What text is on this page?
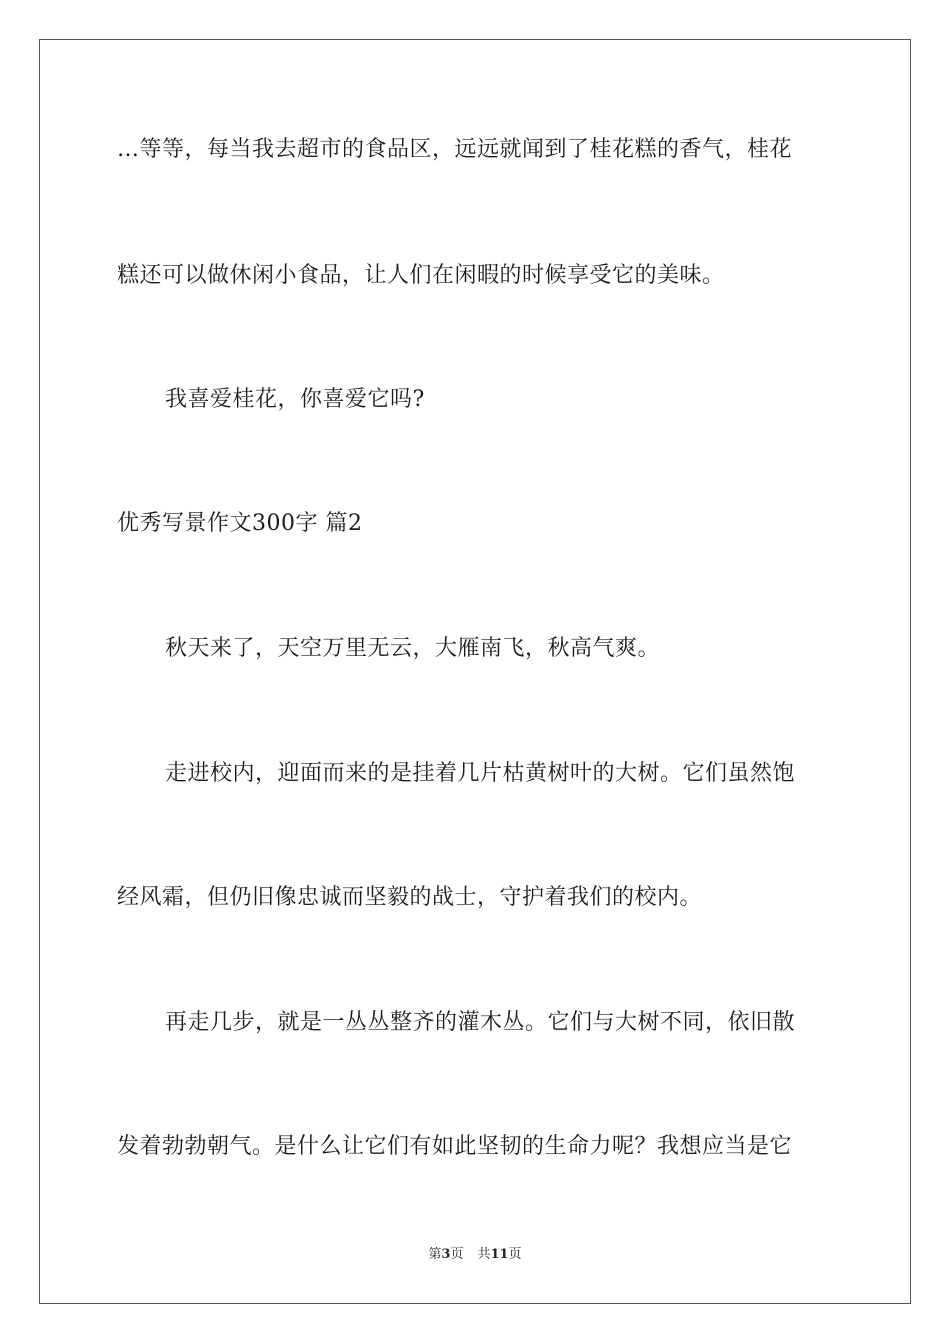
…等等，每当我去超市的食品区，远远就闻到了桂花糕的香气，桂花
糕还可以做休闲小食品，让人们在闲暇的时候享受它的美味。
我喜爱桂花，你喜爱它吗?
优秀写景作文300字 篇2
秋天来了，天空万里无云，大雁南飞，秋高气爽。
走进校内，迎面而来的是挂着几片枯黄树叶的大树。它们虽然饱
经风霜，但仍旧像忠诚而坚毅的战士，守护着我们的校内。
再走几步，就是一丛丛整齐的灌木丛。它们与大树不同，依旧散
发着勃勃朝气。是什么让它们有如此坚韧的生命力呢？我想应当是它
第3页 共11页
